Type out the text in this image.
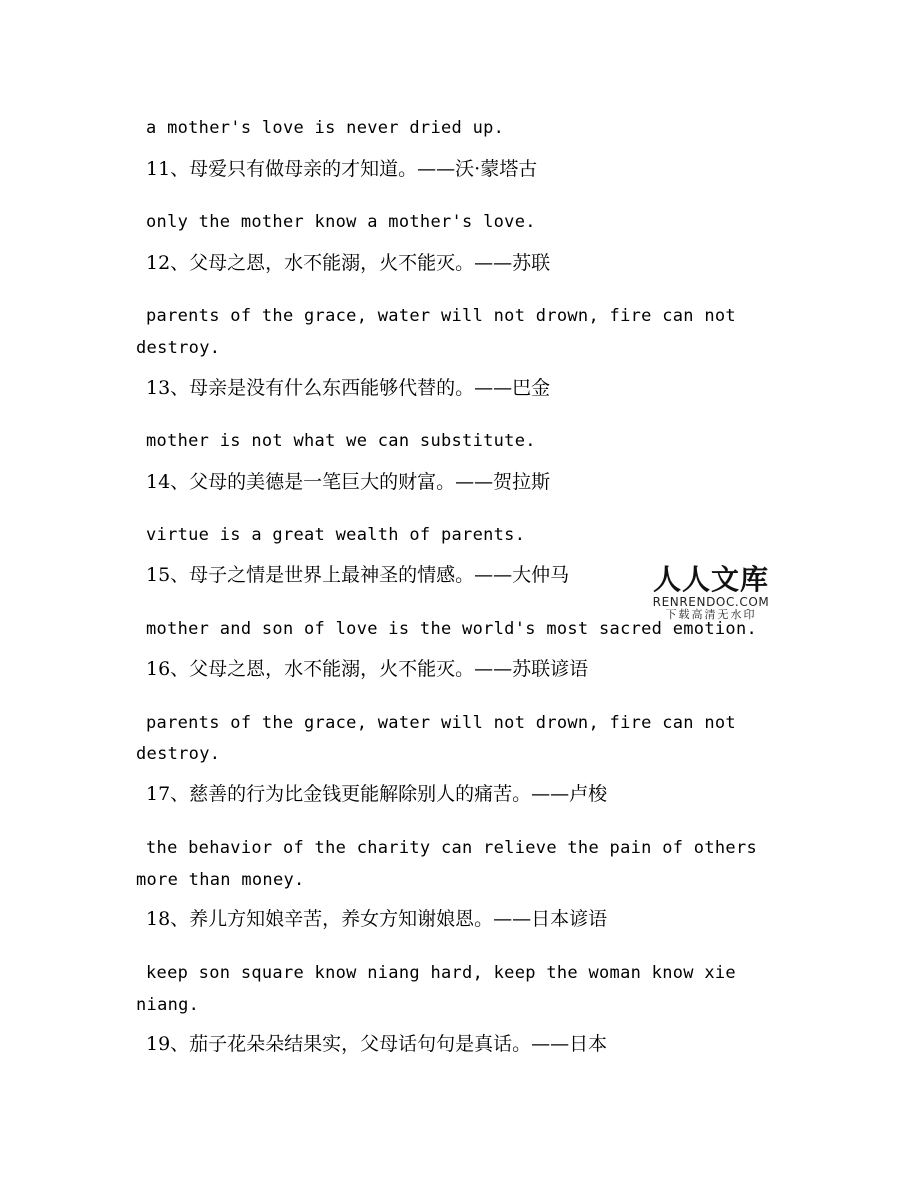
a mother's love is never dried up.
11、母爱只有做母亲的才知道。——沃·蒙塔古
only the mother know a mother's love.
12、父母之恩，水不能溺，火不能灭。——苏联
parents of the grace, water will not drown, fire can not
destroy.
13、母亲是没有什么东西能够代替的。——巴金
mother is not what we can substitute.
14、父母的美德是一笔巨大的财富。——贺拉斯
virtue is a great wealth of parents.
15、母子之情是世界上最神圣的情感。——大仲马
mother and son of love is the world's most sacred emotion.
16、父母之恩，水不能溺，火不能灭。——苏联谚语
parents of the grace, water will not drown, fire can not
destroy.
17、慈善的行为比金钱更能解除别人的痛苦。——卢梭
the behavior of the charity can relieve the pain of others
more than money.
18、养儿方知娘辛苦，养女方知谢娘恩。——日本谚语
keep son square know niang hard, keep the woman know xie
niang.
19、茄子花朵朵结果实，父母话句句是真话。——日本
人人文库
RENRENDOC.COM
下载高清无水印
